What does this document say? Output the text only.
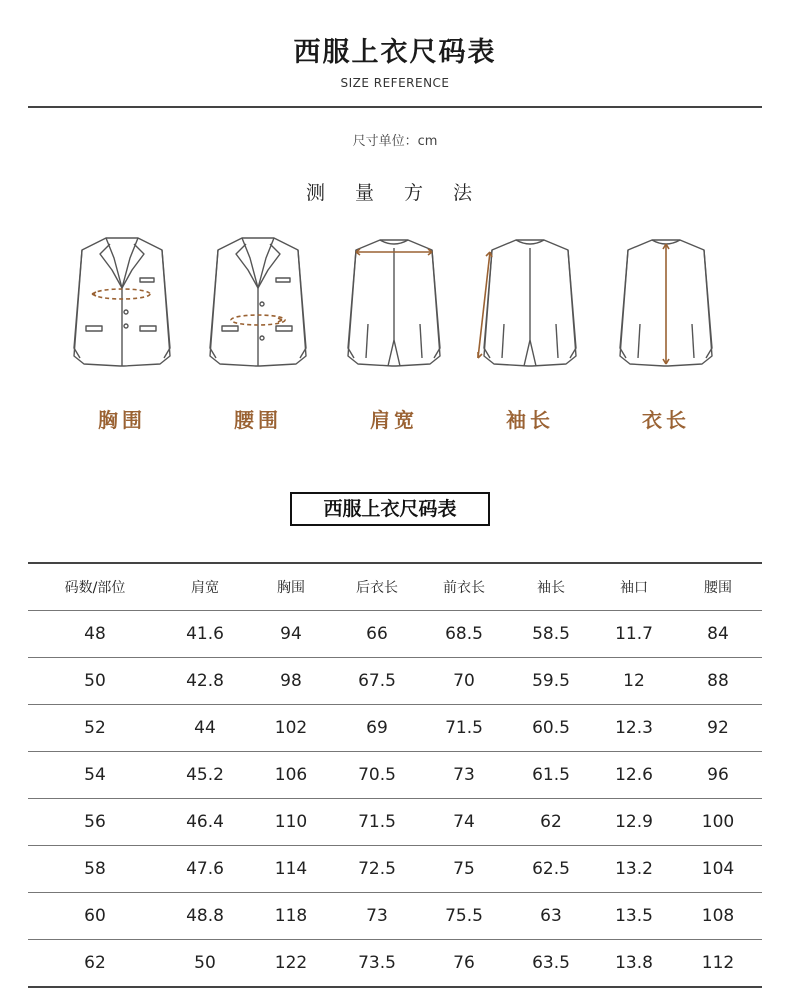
西服上衣尺码表
SIZE REFERENCE
尺寸单位：cm
测 量 方 法
胸围	腰围	肩宽	袖长	衣长
西服上衣尺码表
码数/部位	肩宽	胸围	后衣长	前衣长	袖长	袖口	腰围
48	41.6	94	66	68.5	58.5	11.7	84
50	42.8	98	67.5	70	59.5	12	88
52	44	102	69	71.5	60.5	12.3	92
54	45.2	106	70.5	73	61.5	12.6	96
56	46.4	110	71.5	74	62	12.9	100
58	47.6	114	72.5	75	62.5	13.2	104
60	48.8	118	73	75.5	63	13.5	108
62	50	122	73.5	76	63.5	13.8	112
